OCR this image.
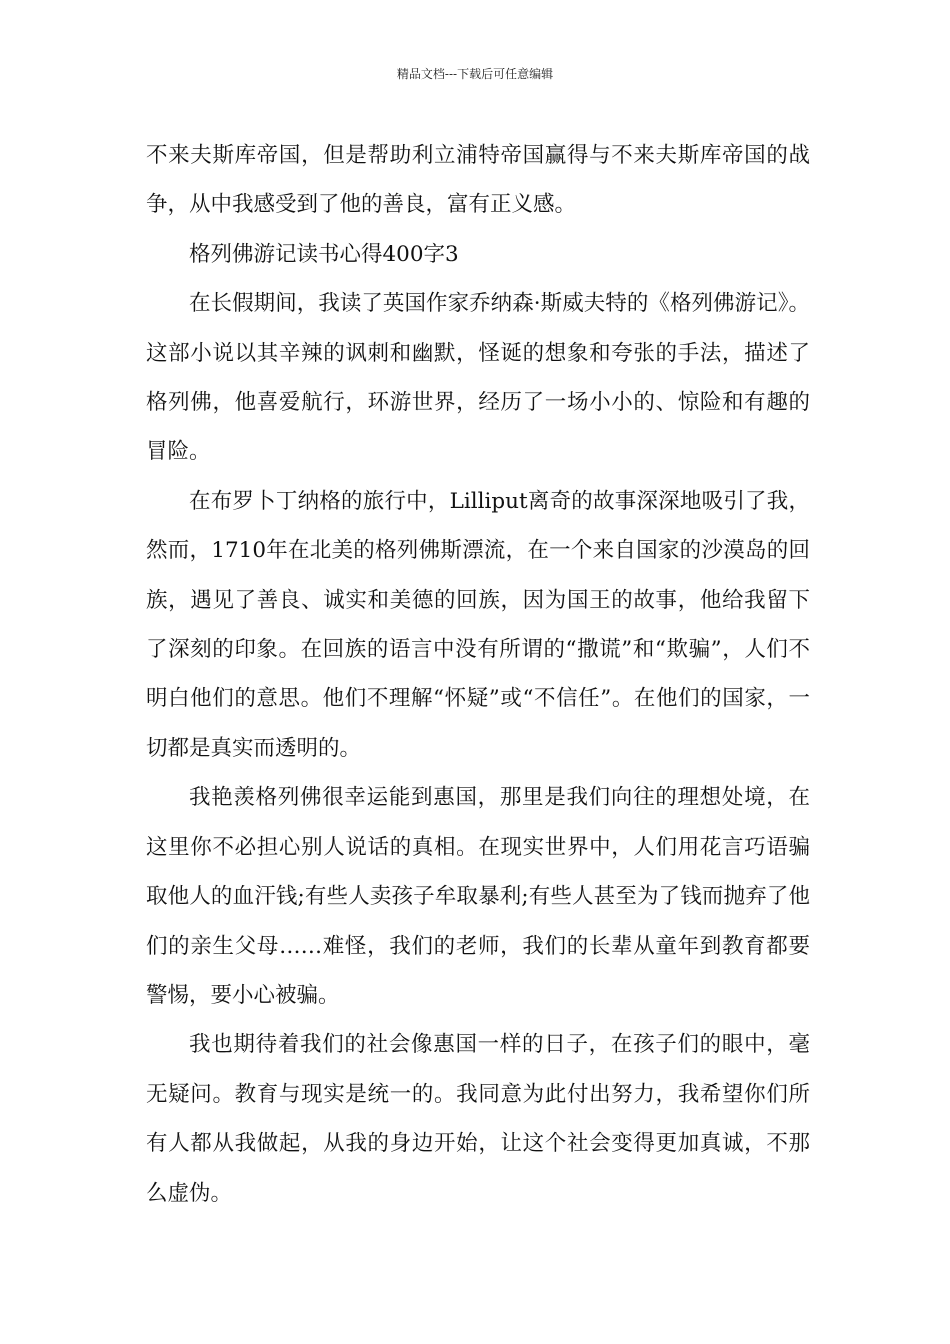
精品文档---下载后可任意编辑

不来夫斯库帝国，但是帮助利立浦特帝国赢得与不来夫斯库帝国的战争，从中我感受到了他的善良，富有正义感。

格列佛游记读书心得400字3

在长假期间，我读了英国作家乔纳森·斯威夫特的《格列佛游记》。这部小说以其辛辣的讽刺和幽默，怪诞的想象和夸张的手法，描述了格列佛，他喜爱航行，环游世界，经历了一场小小的、惊险和有趣的冒险。

在布罗卜丁纳格的旅行中，Lilliput离奇的故事深深地吸引了我，然而，1710年在北美的格列佛斯漂流，在一个来自国家的沙漠岛的回族，遇见了善良、诚实和美德的回族，因为国王的故事，他给我留下了深刻的印象。在回族的语言中没有所谓的“撒谎”和“欺骗”，人们不明白他们的意思。他们不理解“怀疑”或“不信任”。在他们的国家，一切都是真实而透明的。

我艳羡格列佛很幸运能到惠国，那里是我们向往的理想处境，在这里你不必担心别人说话的真相。在现实世界中，人们用花言巧语骗取他人的血汗钱;有些人卖孩子牟取暴利;有些人甚至为了钱而抛弃了他们的亲生父母……难怪，我们的老师，我们的长辈从童年到教育都要警惕，要小心被骗。

我也期待着我们的社会像惠国一样的日子，在孩子们的眼中，毫无疑问。教育与现实是统一的。我同意为此付出努力，我希望你们所有人都从我做起，从我的身边开始，让这个社会变得更加真诚，不那么虚伪。
